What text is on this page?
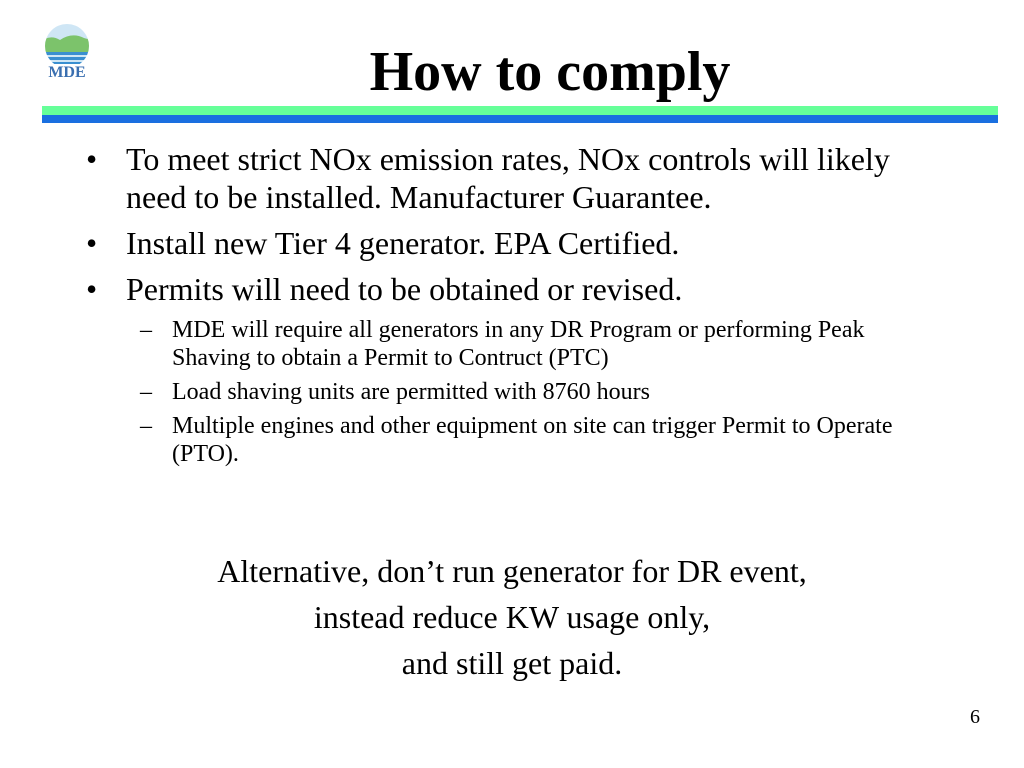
MDE	How to comply
• To meet strict NOx emission rates, NOx controls will likely need to be installed. Manufacturer Guarantee.
• Install new Tier 4 generator. EPA Certified.
• Permits will need to be obtained or revised.
– MDE will require all generators in any DR Program or performing Peak Shaving to obtain a Permit to Contruct (PTC)
– Load shaving units are permitted with 8760 hours
– Multiple engines and other equipment on site can trigger Permit to Operate (PTO).
Alternative, don’t run generator for DR event,
instead reduce KW usage only,
and still get paid.
6
